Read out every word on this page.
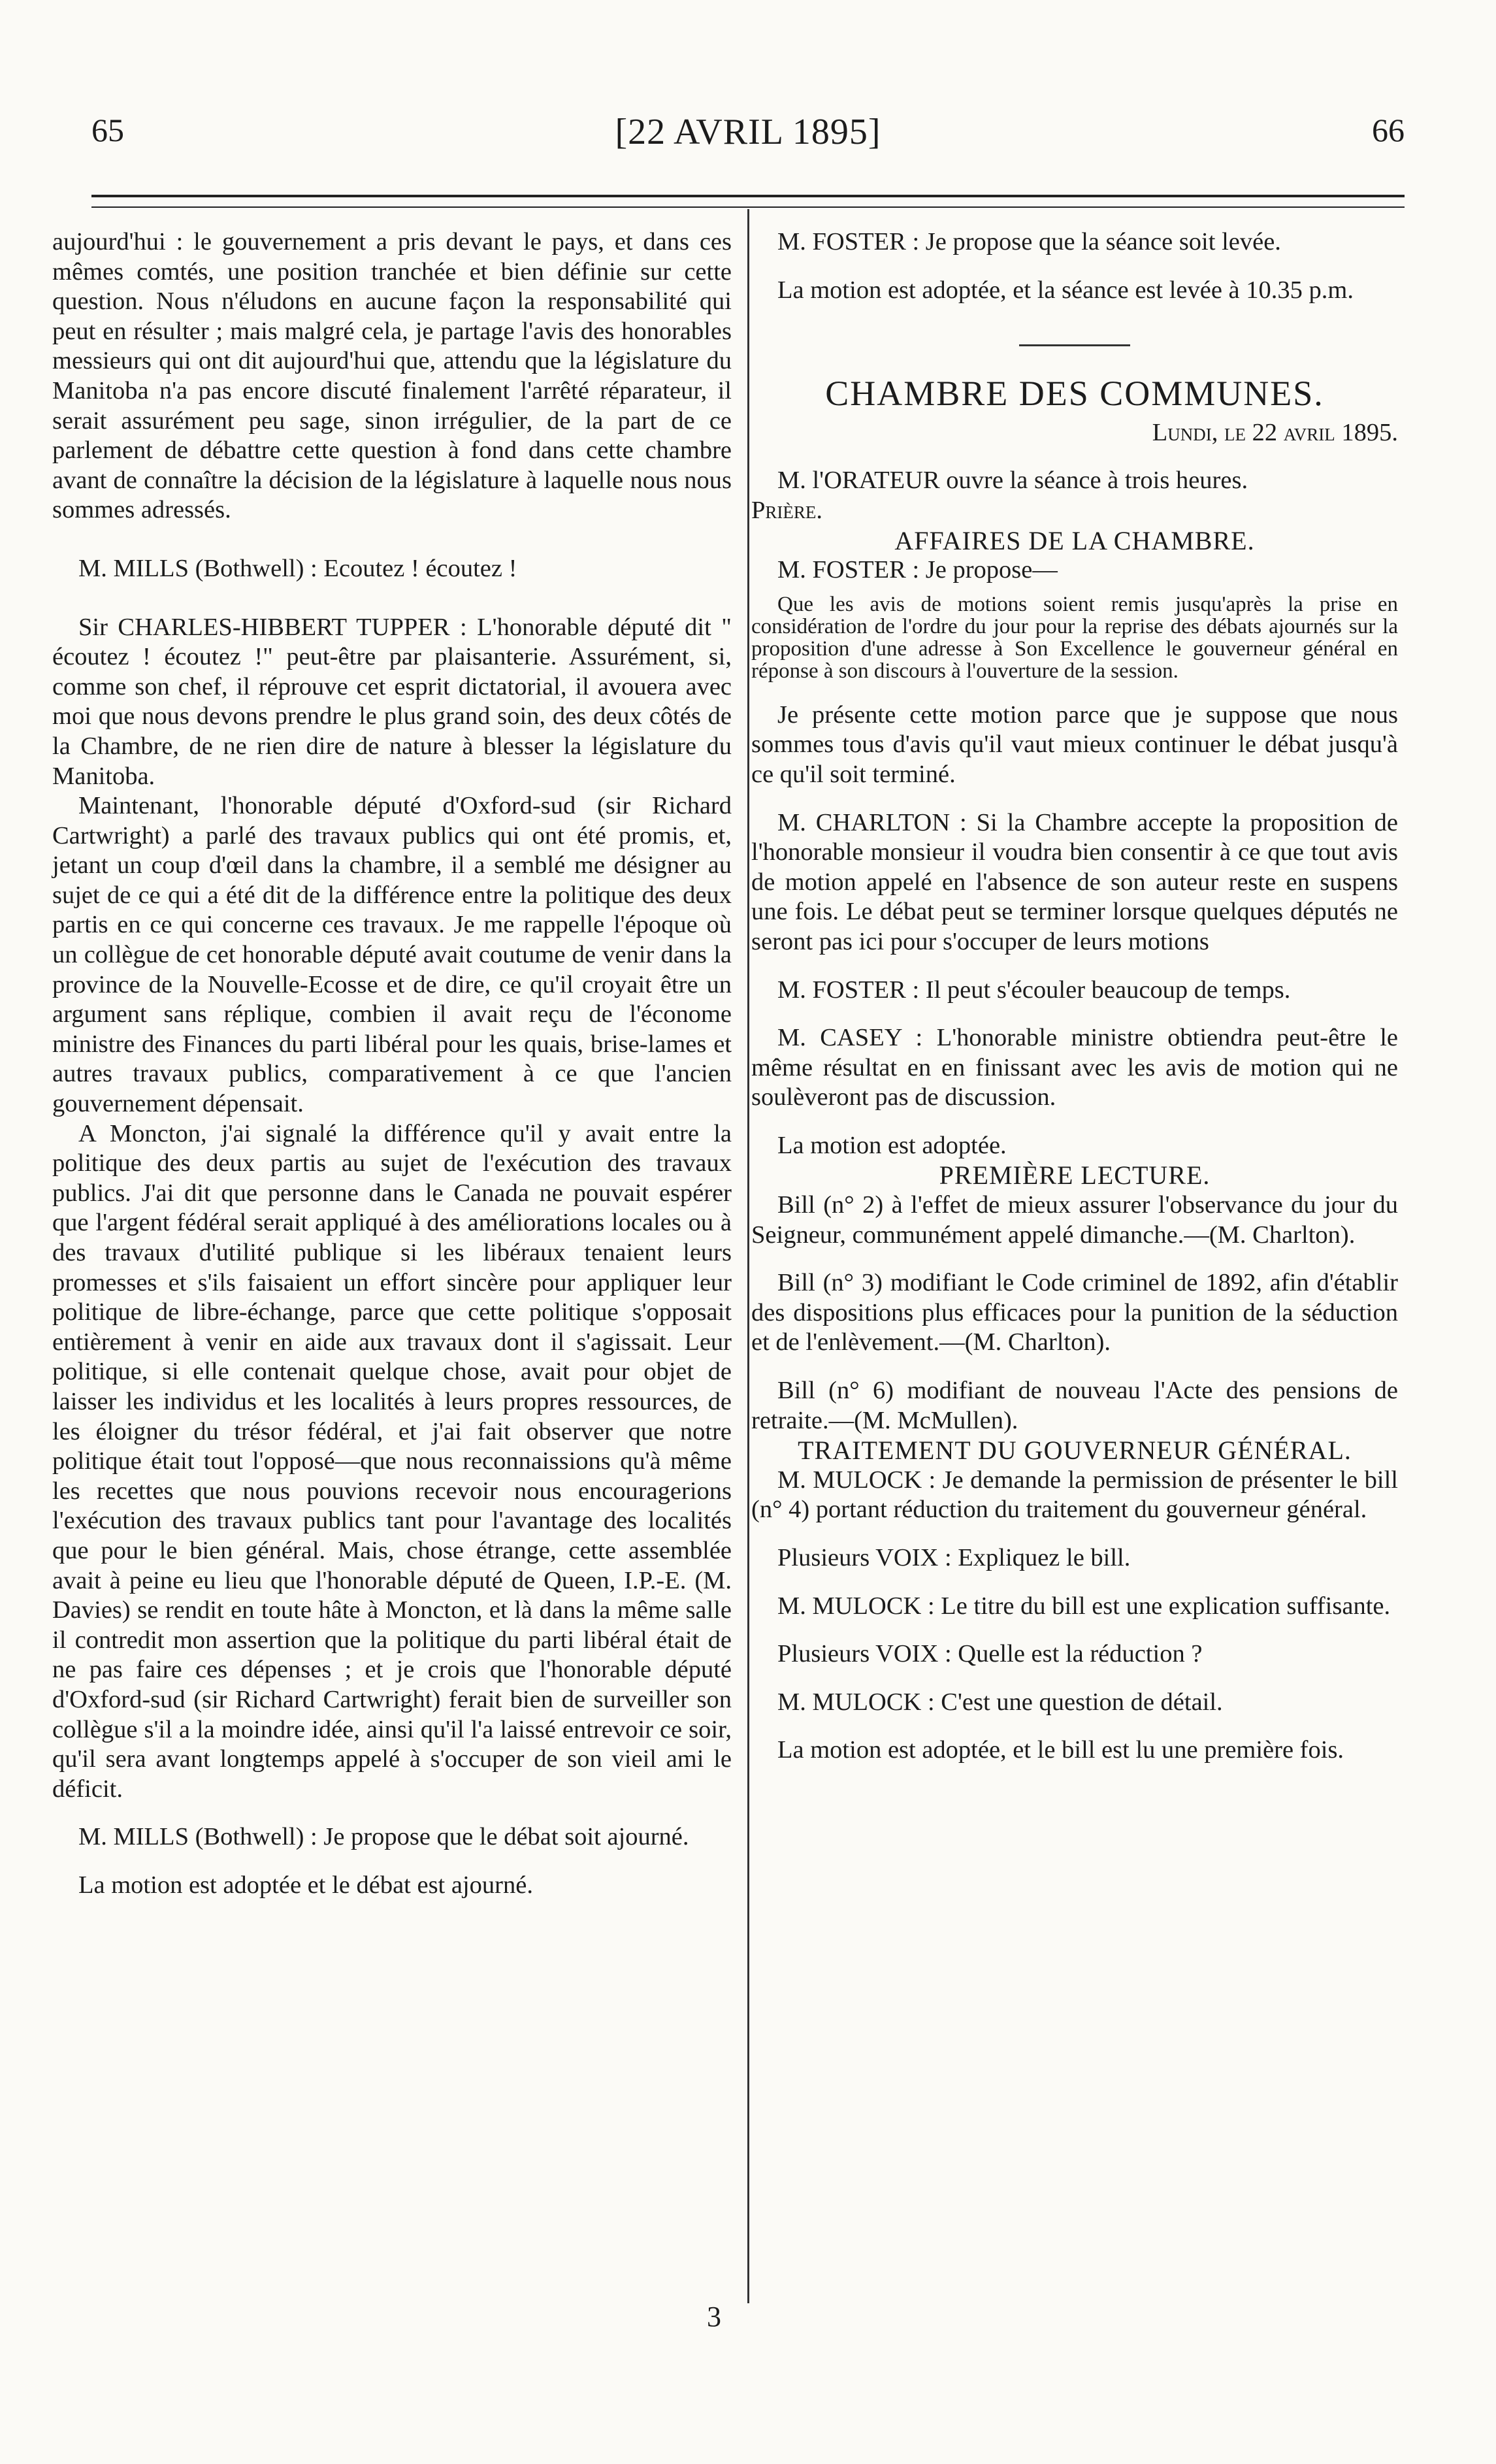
65	[22 AVRIL 1895]	66

aujourd'hui : le gouvernement a pris devant le pays, et dans ces mêmes comtés, une position tranchée et bien définie sur cette question. Nous n'éludons en aucune façon la responsabilité qui peut en résulter ; mais malgré cela, je partage l'avis des honorables messieurs qui ont dit aujourd'hui que, attendu que la législature du Manitoba n'a pas encore discuté finalement l'arrêté réparateur, il serait assurément peu sage, sinon irrégulier, de la part de ce parlement de débattre cette question à fond dans cette chambre avant de connaître la décision de la législature à laquelle nous nous sommes adressés.

M. MILLS (Bothwell) : Ecoutez ! écoutez !

Sir CHARLES-HIBBERT TUPPER : L'honorable député dit " écoutez ! écoutez !" peut-être par plaisanterie. Assurément, si, comme son chef, il réprouve cet esprit dictatorial, il avouera avec moi que nous devons prendre le plus grand soin, des deux côtés de la Chambre, de ne rien dire de nature à blesser la législature du Manitoba.

Maintenant, l'honorable député d'Oxford-sud (sir Richard Cartwright) a parlé des travaux publics qui ont été promis, et, jetant un coup d'œil dans la chambre, il a semblé me désigner au sujet de ce qui a été dit de la différence entre la politique des deux partis en ce qui concerne ces travaux. Je me rappelle l'époque où un collègue de cet honorable député avait coutume de venir dans la province de la Nouvelle-Ecosse et de dire, ce qu'il croyait être un argument sans réplique, combien il avait reçu de l'économe ministre des Finances du parti libéral pour les quais, brise-lames et autres travaux publics, comparativement à ce que l'ancien gouvernement dépensait.

A Moncton, j'ai signalé la différence qu'il y avait entre la politique des deux partis au sujet de l'exécution des travaux publics. J'ai dit que personne dans le Canada ne pouvait espérer que l'argent fédéral serait appliqué à des améliorations locales ou à des travaux d'utilité publique si les libéraux tenaient leurs promesses et s'ils faisaient un effort sincère pour appliquer leur politique de libre-échange, parce que cette politique s'opposait entièrement à venir en aide aux travaux dont il s'agissait. Leur politique, si elle contenait quelque chose, avait pour objet de laisser les individus et les localités à leurs propres ressources, de les éloigner du trésor fédéral, et j'ai fait observer que notre politique était tout l'opposé—que nous reconnaissions qu'à même les recettes que nous pouvions recevoir nous encouragerions l'exécution des travaux publics tant pour l'avantage des localités que pour le bien général. Mais, chose étrange, cette assemblée avait à peine eu lieu que l'honorable député de Queen, I.P.-E. (M. Davies) se rendit en toute hâte à Moncton, et là dans la même salle il contredit mon assertion que la politique du parti libéral était de ne pas faire ces dépenses ; et je crois que l'honorable député d'Oxford-sud (sir Richard Cartwright) ferait bien de surveiller son collègue s'il a la moindre idée, ainsi qu'il l'a laissé entrevoir ce soir, qu'il sera avant longtemps appelé à s'occuper de son vieil ami le déficit.

M. MILLS (Bothwell) : Je propose que le débat soit ajourné.

La motion est adoptée et le débat est ajourné.

M. FOSTER : Je propose que la séance soit levée.

La motion est adoptée, et la séance est levée à 10.35 p.m.

CHAMBRE DES COMMUNES.

Lundi, le 22 avril 1895.

M. l'ORATEUR ouvre la séance à trois heures.

Prière.

AFFAIRES DE LA CHAMBRE.

M. FOSTER : Je propose—

Que les avis de motions soient remis jusqu'après la prise en considération de l'ordre du jour pour la reprise des débats ajournés sur la proposition d'une adresse à Son Excellence le gouverneur général en réponse à son discours à l'ouverture de la session.

Je présente cette motion parce que je suppose que nous sommes tous d'avis qu'il vaut mieux continuer le débat jusqu'à ce qu'il soit terminé.

M. CHARLTON : Si la Chambre accepte la proposition de l'honorable monsieur il voudra bien consentir à ce que tout avis de motion appelé en l'absence de son auteur reste en suspens une fois. Le débat peut se terminer lorsque quelques députés ne seront pas ici pour s'occuper de leurs motions

M. FOSTER : Il peut s'écouler beaucoup de temps.

M. CASEY : L'honorable ministre obtiendra peut-être le même résultat en en finissant avec les avis de motion qui ne soulèveront pas de discussion.

La motion est adoptée.

PREMIÈRE LECTURE.

Bill (n° 2) à l'effet de mieux assurer l'observance du jour du Seigneur, communément appelé dimanche.—(M. Charlton).

Bill (n° 3) modifiant le Code criminel de 1892, afin d'établir des dispositions plus efficaces pour la punition de la séduction et de l'enlèvement.—(M. Charlton).

Bill (n° 6) modifiant de nouveau l'Acte des pensions de retraite.—(M. McMullen).

TRAITEMENT DU GOUVERNEUR GÉNÉRAL.

M. MULOCK : Je demande la permission de présenter le bill (n° 4) portant réduction du traitement du gouverneur général.

Plusieurs VOIX : Expliquez le bill.

M. MULOCK : Le titre du bill est une explication suffisante.

Plusieurs VOIX : Quelle est la réduction ?

M. MULOCK : C'est une question de détail.

La motion est adoptée, et le bill est lu une première fois.

3
